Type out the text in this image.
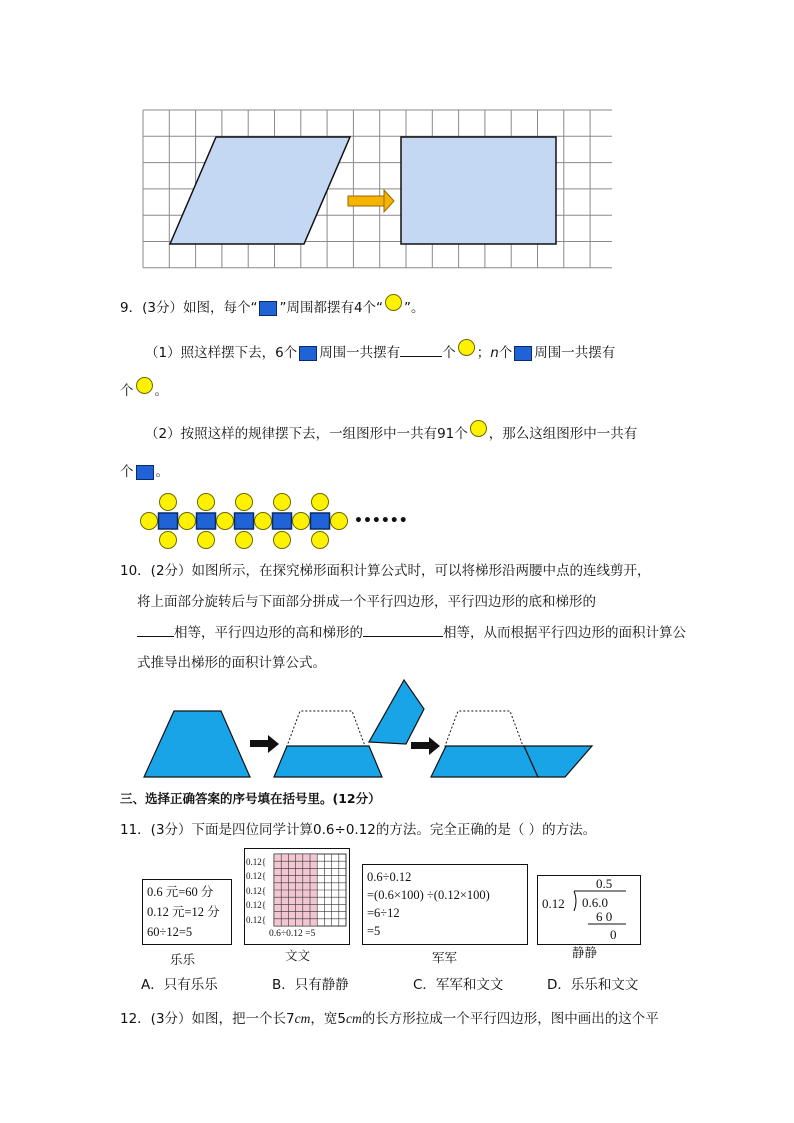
9．(3分）如图，每个“ ”周围都摆有4个“ ”。
（1）照这样摆下去，6个 周围一共摆有	个 ；n个 周围一共摆有
个 。
（2）按照这样的规律摆下去，一组图形中一共有91个 ，那么这组图形中一共有
个 。
••••••
10．(2分）如图所示，在探究梯形面积计算公式时，可以将梯形沿两腰中点的连线剪开，
将上面部分旋转后与下面部分拼成一个平行四边形，平行四边形的底和梯形的
相等，平行四边形的高和梯形的	相等，从而根据平行四边形的面积计算公
式推导出梯形的面积计算公式。
三、选择正确答案的序号填在括号里。(12分）
11．(3分）下面是四位同学计算0.6÷0.12的方法。完全正确的是（ ）的方法。
0.6 元=60 分
0.12 元=12 分
60÷12=5
乐乐
0.12{
0.12{
0.12{
0.12{
0.12{
0.6÷0.12 =5
文文
0.6÷0.12
=(0.6×100) ÷(0.12×100)
=6÷12
=5
军军
0.5
0.12 0.6.0
6 0
0
静静
A．只有乐乐	B．只有静静	C．军军和文文	D．乐乐和文文
12．(3分）如图，把一个长7cm，宽5cm的长方形拉成一个平行四边形，图中画出的这个平
